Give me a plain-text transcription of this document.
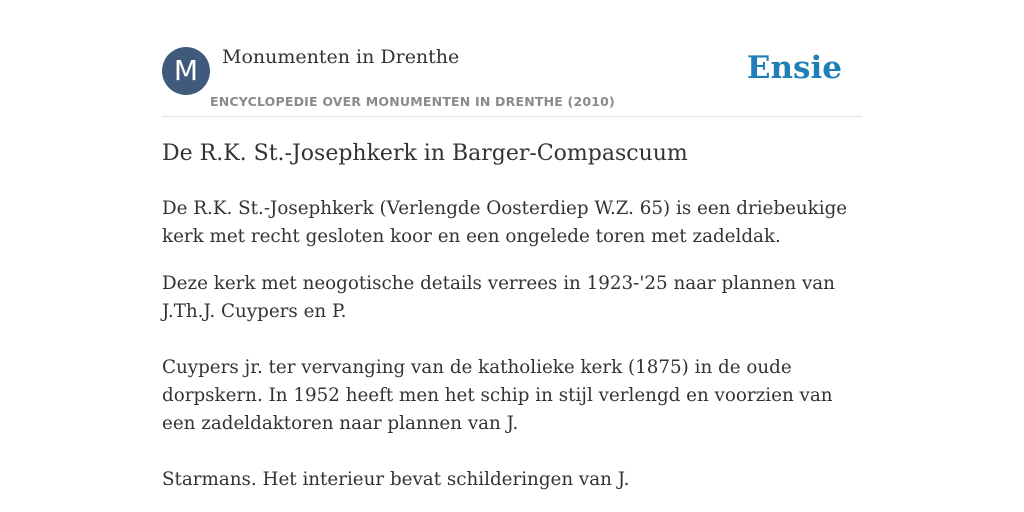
M	Monumenten in Drenthe
ENCYCLOPEDIE OVER MONUMENTEN IN DRENTHE (2010)
Ensie
De R.K. St.-Josephkerk in Barger-Compascuum

De R.K. St.-Josephkerk (Verlengde Oosterdiep W.Z. 65) is een driebeukige kerk met recht gesloten koor en een ongelede toren met zadeldak.

Deze kerk met neogotische details verrees in 1923-'25 naar plannen van J.Th.J. Cuypers en P.

Cuypers jr. ter vervanging van de katholieke kerk (1875) in de oude dorpskern. In 1952 heeft men het schip in stijl verlengd en voorzien van een zadeldaktoren naar plannen van J.

Starmans. Het interieur bevat schilderingen van J.
